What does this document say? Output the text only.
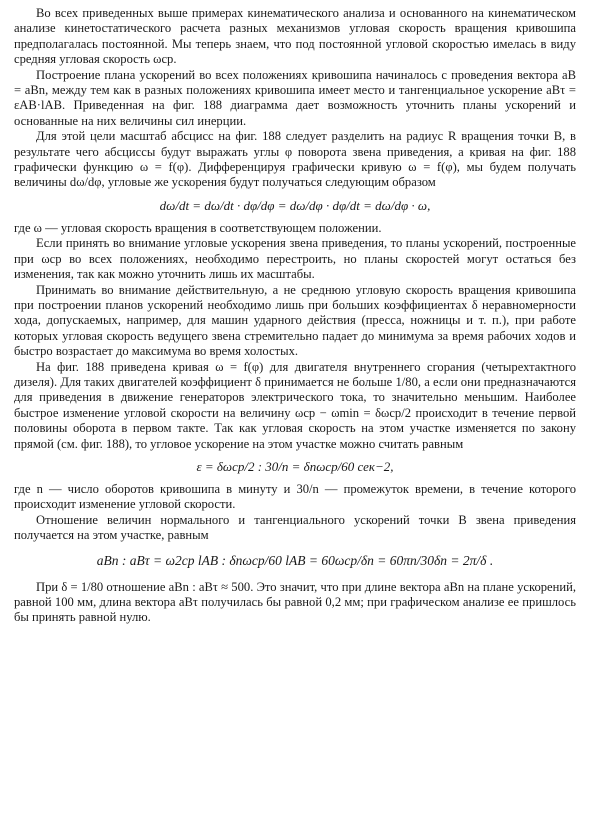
Во всех приведенных выше примерах кинематического анализа и основанного на кинематическом анализе кинетостатического расчета разных механизмов угловая скорость вращения кривошипа предполагалась постоянной. Мы теперь знаем, что под постоянной угловой скоростью имелась в виду средняя угловая скорость ωcp.

Построение плана ускорений во всех положениях кривошипа начиналось с проведения вектора aB = aBn, между тем как в разных положениях кривошипа имеет место и тангенциальное ускорение aBτ = εAB·lAB. Приведенная на фиг. 188 диаграмма дает возможность уточнить планы ускорений и основанные на них величины сил инерции.

Для этой цели масштаб абсцисс на фиг. 188 следует разделить на радиус R вращения точки B, в результате чего абсциссы будут выражать углы φ поворота звена приведения, а кривая на фиг. 188 графически функцию ω = f(φ). Дифференцируя графически кривую ω = f(φ), мы будем получать величины dω/dφ, угловые же ускорения будут получаться следующим образом

dω/dt = dω/dt · dφ/dφ = dω/dφ · dφ/dt = dω/dφ · ω,

где ω — угловая скорость вращения в соответствующем положении.

Если принять во внимание угловые ускорения звена приведения, то планы ускорений, построенные при ωcp во всех положениях, необходимо перестроить, но планы скоростей могут остаться без изменения, так как можно уточнить лишь их масштабы.

Принимать во внимание действительную, а не среднюю угловую скорость вращения кривошипа при построении планов ускорений необходимо лишь при больших коэффициентах δ неравномерности хода, допускаемых, например, для машин ударного действия (пресса, ножницы и т. п.), при работе которых угловая скорость ведущего звена стремительно падает до минимума за время рабочих ходов и быстро возрастает до максимума во время холостых.

На фиг. 188 приведена кривая ω = f(φ) для двигателя внутреннего сгорания (четырехтактного дизеля). Для таких двигателей коэффициент δ принимается не больше 1/80, а если они предназначаются для приведения в движение генераторов электрического тока, то значительно меньшим. Наиболее быстрое изменение угловой скорости на величину ωcp − ωmin = δωcp/2 происходит в течение первой половины оборота в первом такте. Так как угловая скорость на этом участке изменяется по закону прямой (см. фиг. 188), то угловое ускорение на этом участке можно считать равным

ε = δωcp/2 : 30/n = δnωcp/60 сек−2,

где n — число оборотов кривошипа в минуту и 30/n — промежуток времени, в течение которого происходит изменение угловой скорости.

Отношение величин нормального и тангенциального ускорений точки B звена приведения получается на этом участке, равным

aBn : aBτ = ω2cp lAB : δnωcp/60 lAB = 60ωcp/δn = 60πn/30δn = 2π/δ .

При δ = 1/80 отношение aBn : aBτ ≈ 500. Это значит, что при длине вектора aBn на плане ускорений, равной 100 мм, длина вектора aBτ получилась бы равной 0,2 мм; при графическом анализе ее пришлось бы принять равной нулю.
